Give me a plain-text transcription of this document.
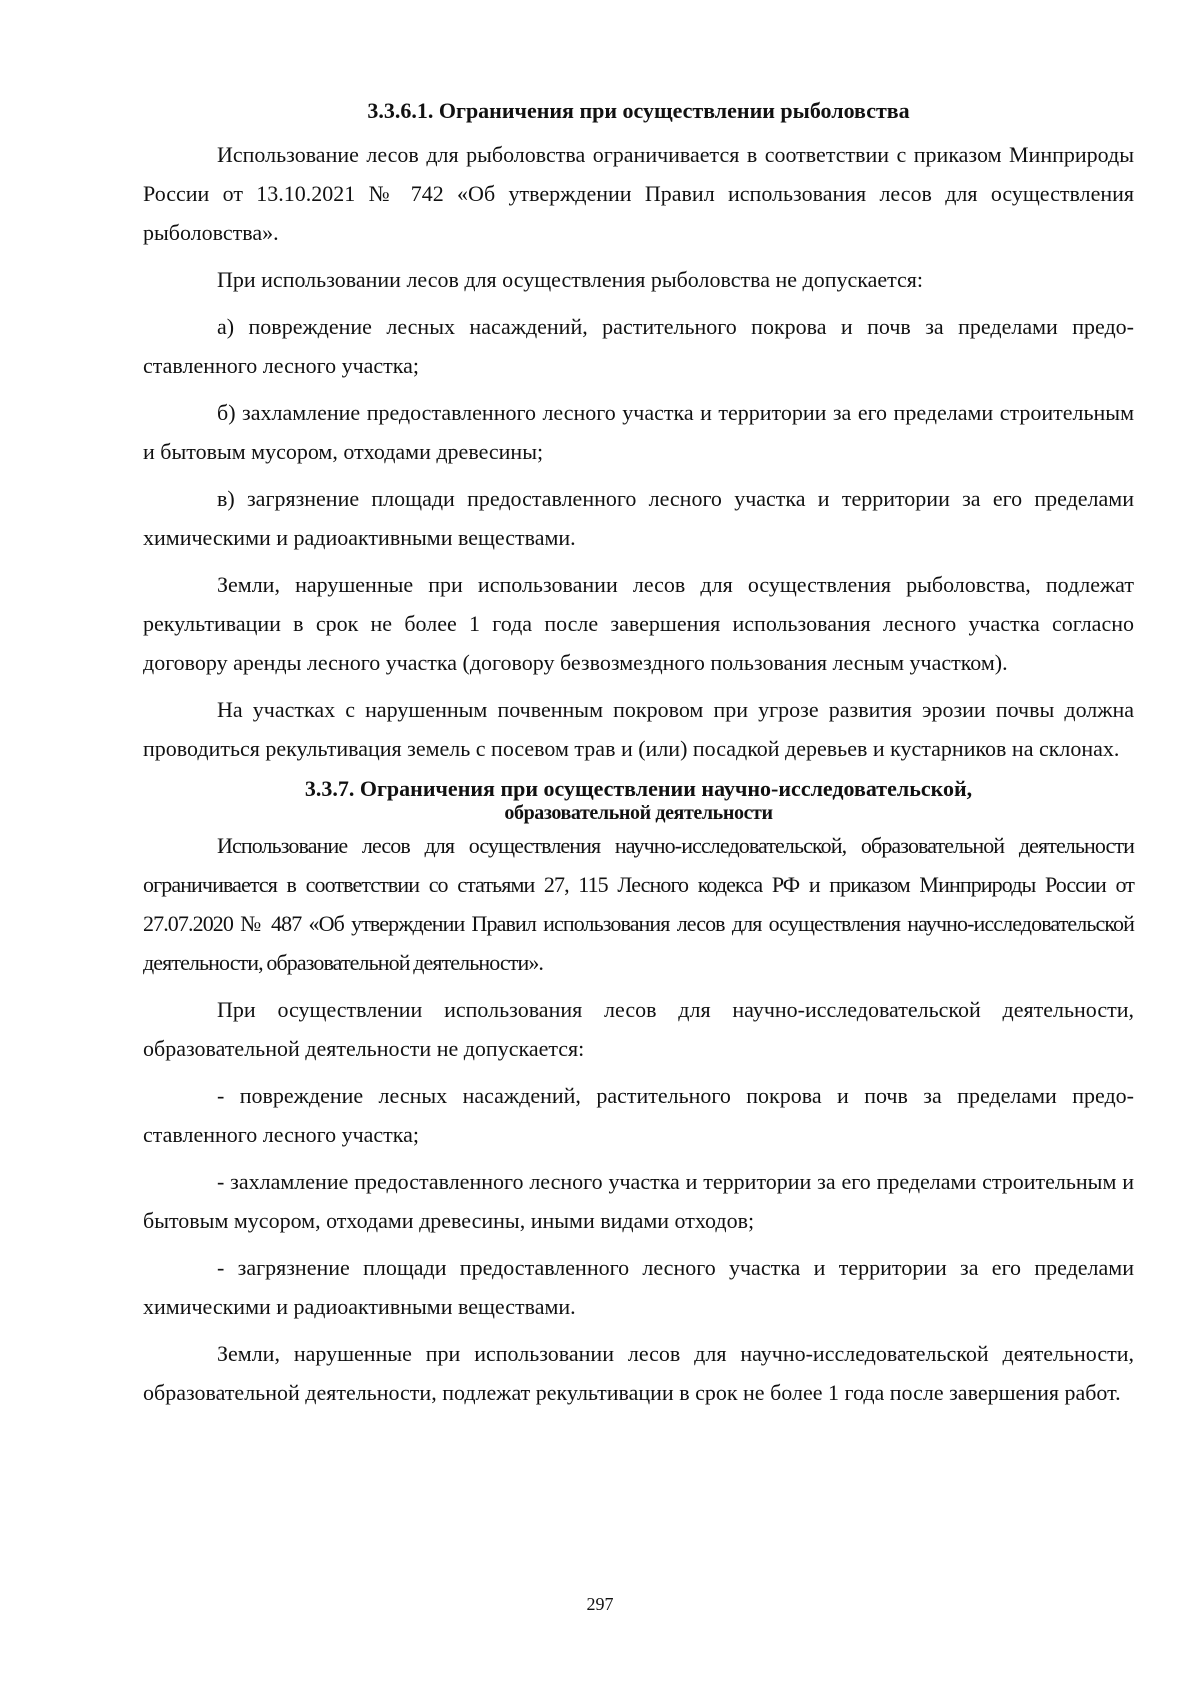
3.3.6.1. Ограничения при осуществлении рыболовства

Использование лесов для рыболовства ограничивается в соответствии с приказом Минприроды России от 13.10.2021 № 742 «Об утверждении Правил использования лесов для осуществления рыболовства».

При использовании лесов для осуществления рыболовства не допускается:

а) повреждение лесных насаждений, растительного покрова и почв за пределами предоставленного лесного участка;

б) захламление предоставленного лесного участка и территории за его пределами строительным и бытовым мусором, отходами древесины;

в) загрязнение площади предоставленного лесного участка и территории за его пределами химическими и радиоактивными веществами.

Земли, нарушенные при использовании лесов для осуществления рыболовства, подлежат рекультивации в срок не более 1 года после завершения использования лесного участка согласно договору аренды лесного участка (договору безвозмездного пользования лесным участком).

На участках с нарушенным почвенным покровом при угрозе развития эрозии почвы должна проводиться рекультивация земель с посевом трав и (или) посадкой деревьев и кустарников на склонах.

3.3.7. Ограничения при осуществлении научно-исследовательской,
образовательной деятельности

Использование лесов для осуществления научно-исследовательской, образовательной деятельности ограничивается в соответствии со статьями 27, 115 Лесного кодекса РФ и приказом Минприроды России от 27.07.2020 № 487 «Об утверждении Правил использования лесов для осуществления научно-исследовательской деятельности, образовательной деятельности».

При осуществлении использования лесов для научно-исследовательской деятельности, образовательной деятельности не допускается:

- повреждение лесных насаждений, растительного покрова и почв за пределами предоставленного лесного участка;

- захламление предоставленного лесного участка и территории за его пределами строительным и бытовым мусором, отходами древесины, иными видами отходов;

- загрязнение площади предоставленного лесного участка и территории за его пределами химическими и радиоактивными веществами.

Земли, нарушенные при использовании лесов для научно-исследовательской деятельности, образовательной деятельности, подлежат рекультивации в срок не более 1 года после завершения работ.

297
